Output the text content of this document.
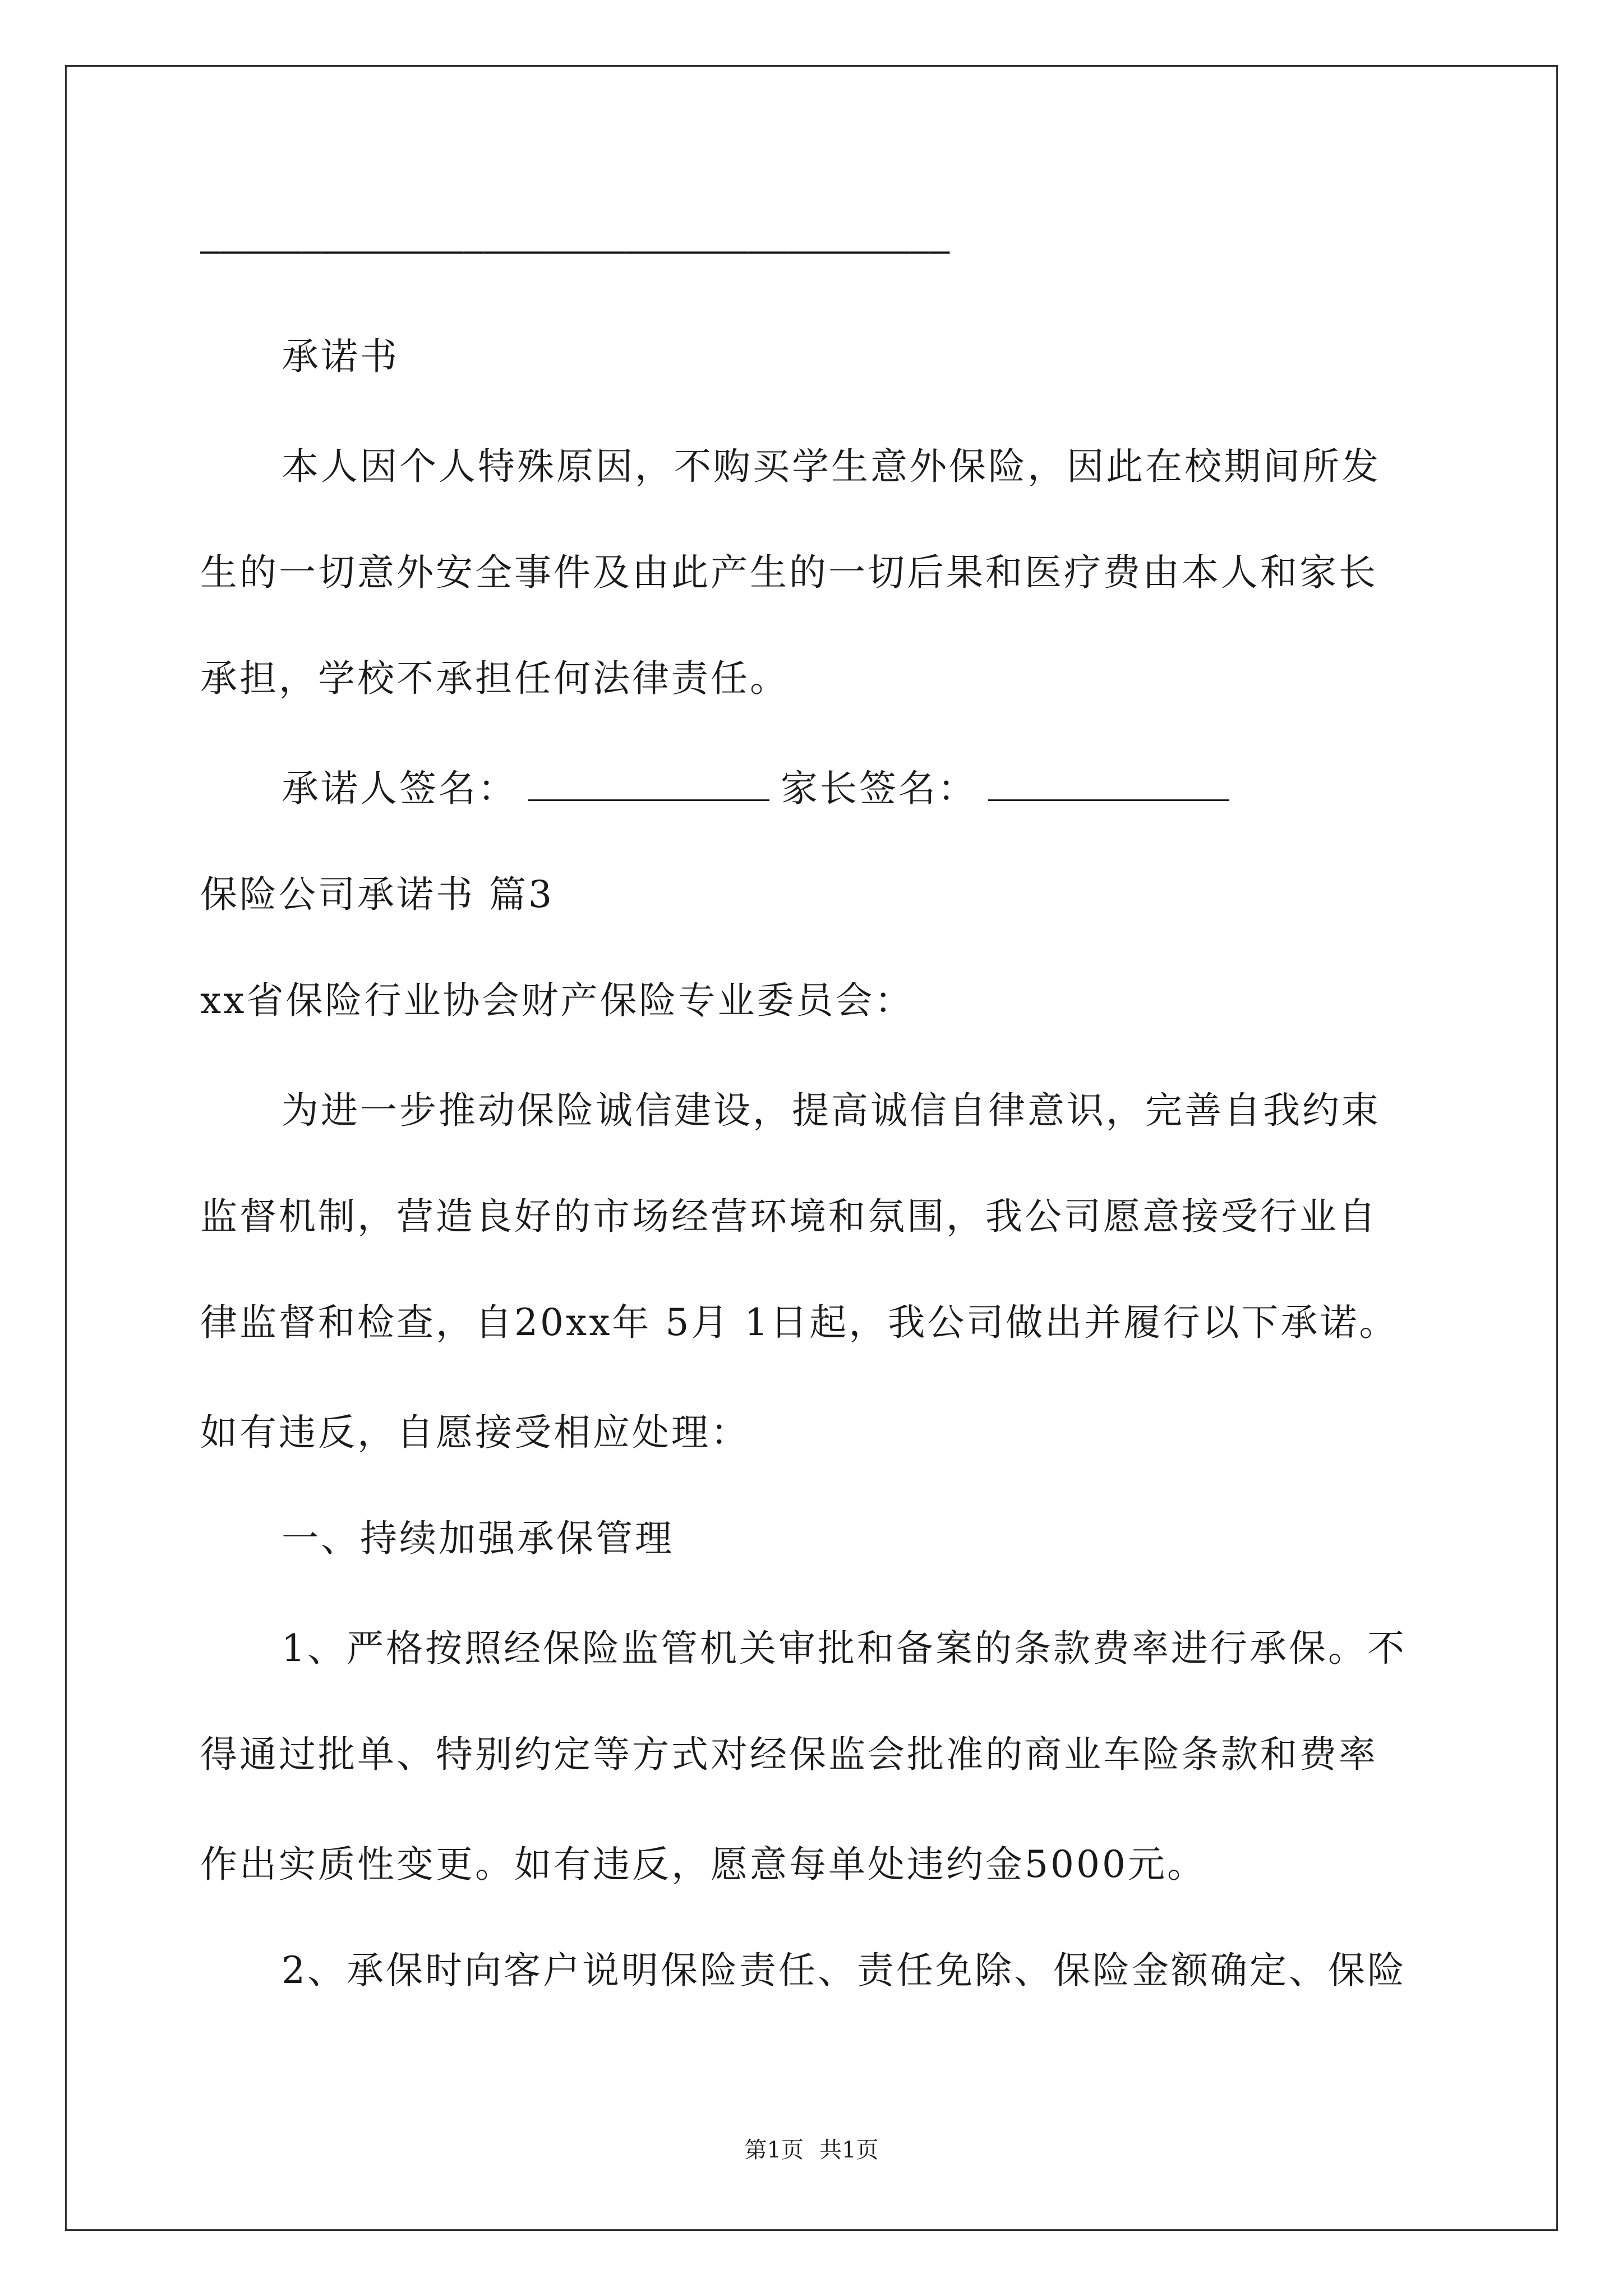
—————————————————————————————————————
承诺书
本人因个人特殊原因，不购买学生意外保险，因此在校期间所发
生的一切意外安全事件及由此产生的一切后果和医疗费由本人和家长
承担，学校不承担任何法律责任。
承诺人签名：	家长签名：
保险公司承诺书 篇3
xx省保险行业协会财产保险专业委员会：
为进一步推动保险诚信建设，提高诚信自律意识，完善自我约束
监督机制，营造良好的市场经营环境和氛围，我公司愿意接受行业自
律监督和检查，自20xx年 5月 1日起，我公司做出并履行以下承诺。
如有违反，自愿接受相应处理：
一、持续加强承保管理
1、严格按照经保险监管机关审批和备案的条款费率进行承保。不
得通过批单、特别约定等方式对经保监会批准的商业车险条款和费率
作出实质性变更。如有违反，愿意每单处违约金5000元。
2、承保时向客户说明保险责任、责任免除、保险金额确定、保险
第1页 共1页
